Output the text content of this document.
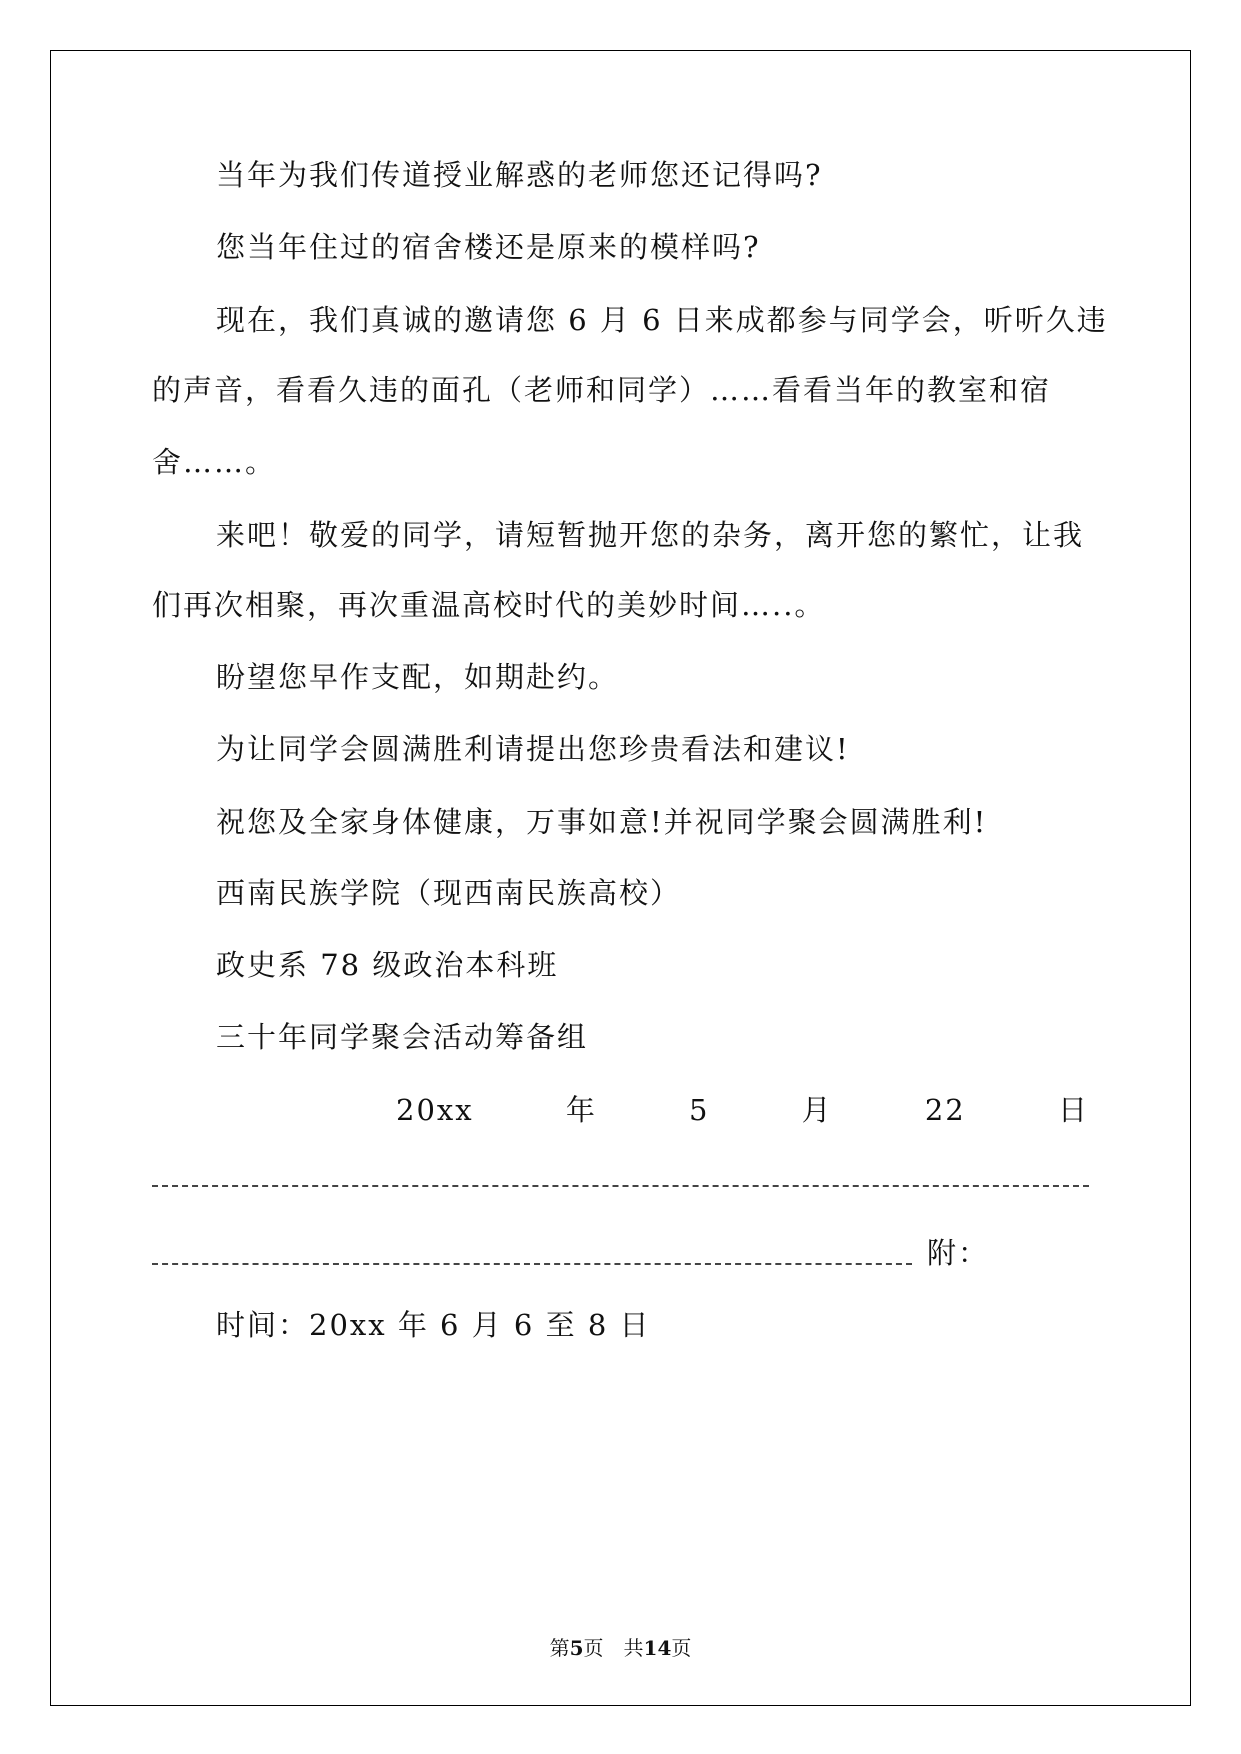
当年为我们传道授业解惑的老师您还记得吗?
您当年住过的宿舍楼还是原来的模样吗?
现在，我们真诚的邀请您 6 月 6 日来成都参与同学会，听听久违
的声音，看看久违的面孔（老师和同学）……看看当年的教室和宿
舍……。
来吧！敬爱的同学，请短暂抛开您的杂务，离开您的繁忙，让我
们再次相聚，再次重温高校时代的美妙时间…..。
盼望您早作支配，如期赴约。
为让同学会圆满胜利请提出您珍贵看法和建议!
祝您及全家身体健康，万事如意!并祝同学聚会圆满胜利!
西南民族学院（现西南民族高校）
政史系 78 级政治本科班
三十年同学聚会活动筹备组
20xx	年	5	月	22	日
附：
时间：20xx 年 6 月 6 至 8 日
第5页　共14页
